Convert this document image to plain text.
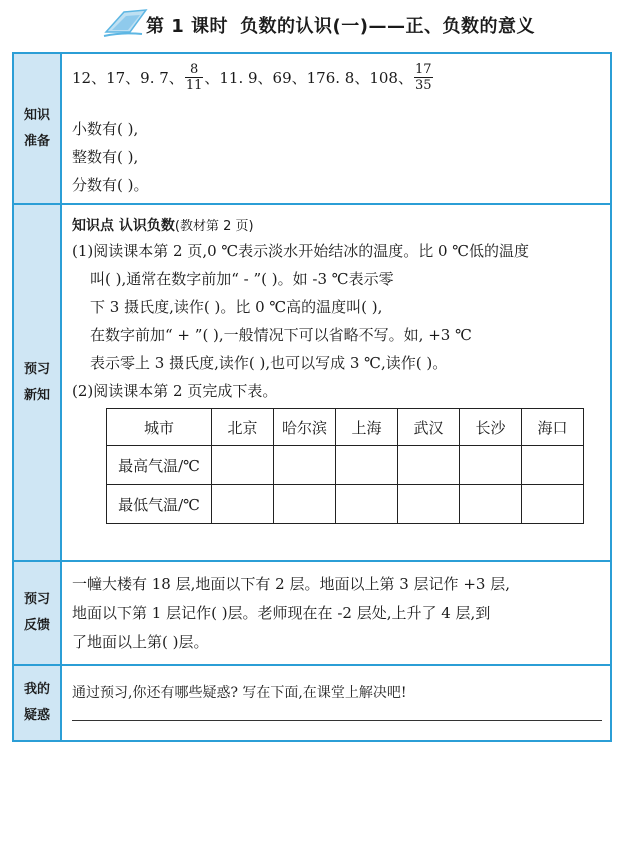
第 1 课时 负数的认识(一)——正、负数的意义
知识
准备
12、17、9. 7、 $\frac{8}{11}$ 、11. 9、69、176. 8、108、 $\frac{17}{35}$
小数有( ),
整数有( ),
分数有( )。
预习
新知
知识点 认识负数(教材第 2 页)
(1)阅读课本第 2 页,0 ℃表示淡水开始结冰的温度。比 0 ℃低的温度
叫( ),通常在数字前加“ - ”( )。如 -3 ℃表示零
下 3 摄氏度,读作( )。比 0 ℃高的温度叫( ),
在数字前加“ + ”( ),一般情况下可以省略不写。如, +3 ℃
表示零上 3 摄氏度,读作( ),也可以写成 3 ℃,读作( )。
(2)阅读课本第 2 页完成下表。
城市	北京	哈尔滨	上海	武汉	长沙	海口
最高气温/℃						
最低气温/℃						
预习
反馈
一幢大楼有 18 层,地面以下有 2 层。地面以上第 3 层记作 +3 层,
地面以下第 1 层记作( )层。老师现在在 -2 层处,上升了 4 层,到
了地面以上第( )层。
我的
疑惑
通过预习,你还有哪些疑惑? 写在下面,在课堂上解决吧!
